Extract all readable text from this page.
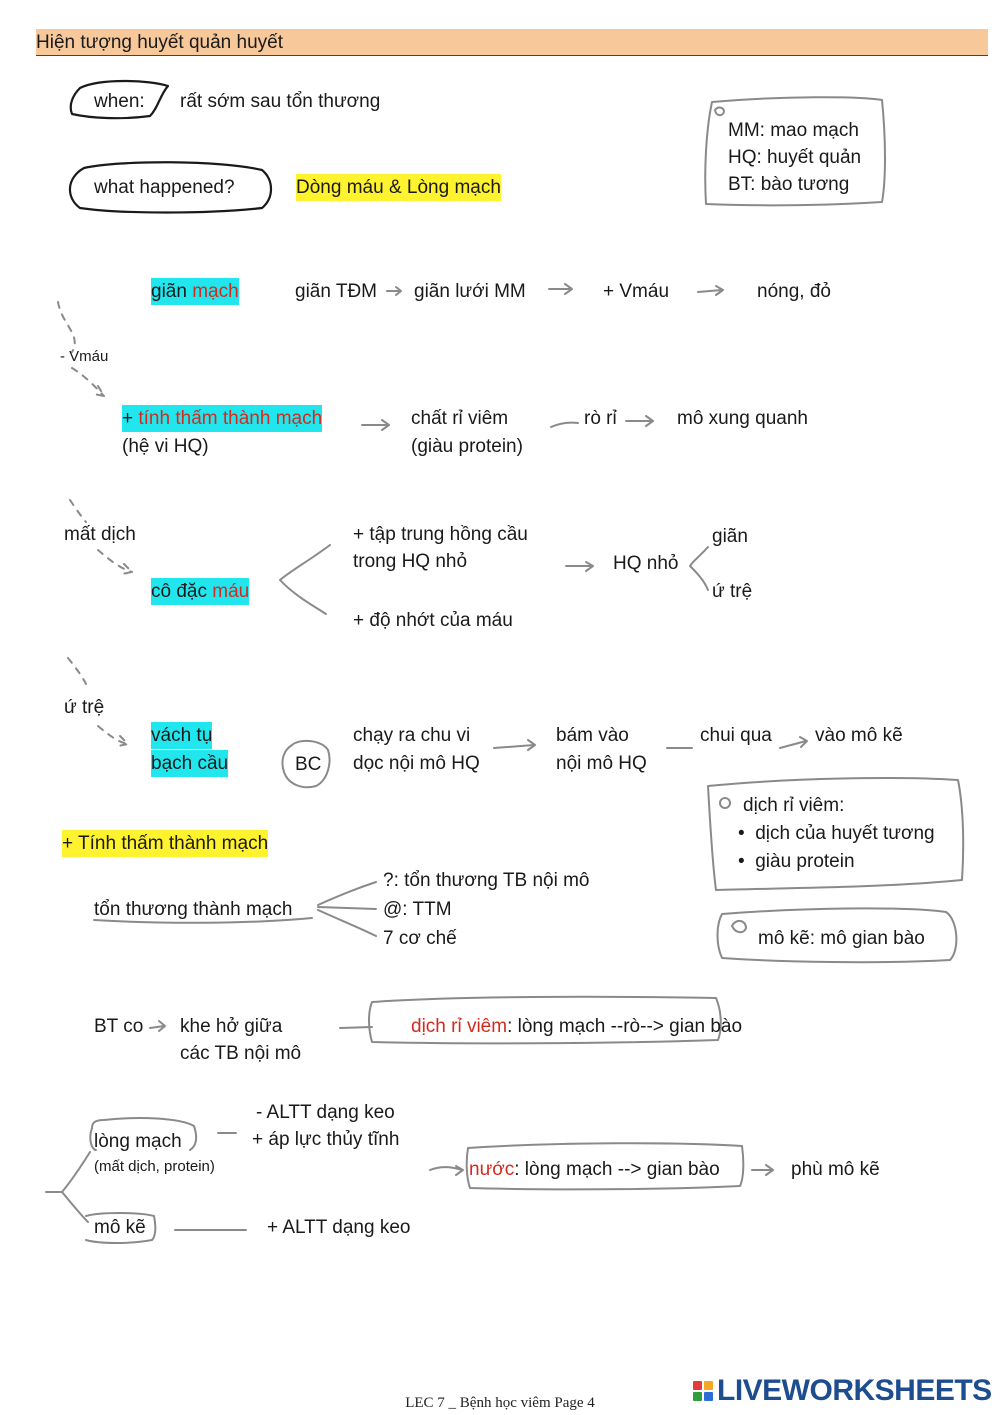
Hiện tượng huyết quản huyết
when: rất sớm sau tổn thương
what happened?	Dòng máu & Lòng mạch
MM: mao mạch
HQ: huyết quản
BT: bào tương
giãn mạch	giãn TĐM giãn lưới MM	+ Vmáu	nóng, đỏ
- Vmáu
+ tính thấm thành mạch
(hệ vi HQ)
chất rỉ viêm
(giàu protein)
rò rỉ	mô xung quanh
mất dịch
cô đặc máu
+ tập trung hồng cầu
trong HQ nhỏ
+ độ nhớt của máu
HQ nhỏ
giãn
ứ trệ
ứ trệ
vách tụ
bạch cầu	BC
chạy ra chu vi
dọc nội mô HQ
bám vào
nội mô HQ
chui qua vào mô kẽ
dịch rỉ viêm:
•  dịch của huyết tương
•  giàu protein
+ Tính thấm thành mạch
tổn thương thành mạch
?: tổn thương TB nội mô
@: TTM
7 cơ chế	mô kẽ: mô gian bào
BT co khe hở giữa
các TB nội mô
dịch rỉ viêm: lòng mạch --rò--> gian bào
- ALTT dạng keo
+ áp lực thủy tĩnh
lòng mạch
(mất dịch, protein)
mô kẽ	+ ALTT dạng keo
nước: lòng mạch --> gian bào	phù mô kẽ
LEC 7 _ Bệnh học viêm Page 4	LIVEWORKSHEETS
